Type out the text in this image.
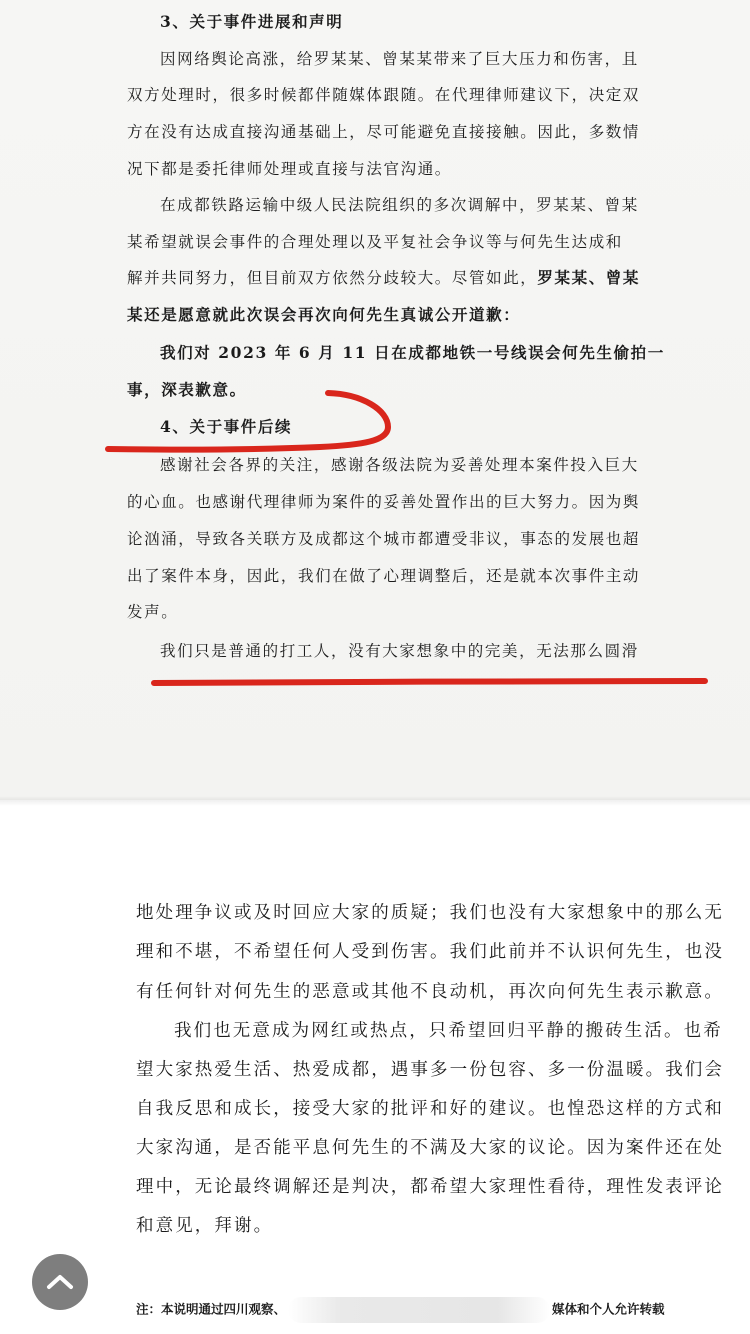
3、关于事件进展和声明
因网络舆论高涨，给罗某某、曾某某带来了巨大压力和伤害，且
双方处理时，很多时候都伴随媒体跟随。在代理律师建议下，决定双
方在没有达成直接沟通基础上，尽可能避免直接接触。因此，多数情
况下都是委托律师处理或直接与法官沟通。
在成都铁路运输中级人民法院组织的多次调解中，罗某某、曾某
某希望就误会事件的合理处理以及平复社会争议等与何先生达成和
解并共同努力，但目前双方依然分歧较大。尽管如此，罗某某、曾某
某还是愿意就此次误会再次向何先生真诚公开道歉：
我们对 2023 年 6 月 11 日在成都地铁一号线误会何先生偷拍一
事，深表歉意。
4、关于事件后续
感谢社会各界的关注，感谢各级法院为妥善处理本案件投入巨大
的心血。也感谢代理律师为案件的妥善处置作出的巨大努力。因为舆
论汹涌，导致各关联方及成都这个城市都遭受非议，事态的发展也超
出了案件本身，因此，我们在做了心理调整后，还是就本次事件主动
发声。
我们只是普通的打工人，没有大家想象中的完美，无法那么圆滑
地处理争议或及时回应大家的质疑；我们也没有大家想象中的那么无
理和不堪，不希望任何人受到伤害。我们此前并不认识何先生，也没
有任何针对何先生的恶意或其他不良动机，再次向何先生表示歉意。
我们也无意成为网红或热点，只希望回归平静的搬砖生活。也希
望大家热爱生活、热爱成都，遇事多一份包容、多一份温暖。我们会
自我反思和成长，接受大家的批评和好的建议。也惶恐这样的方式和
大家沟通，是否能平息何先生的不满及大家的议论。因为案件还在处
理中，无论最终调解还是判决，都希望大家理性看待，理性发表评论
和意见，拜谢。
注：本说明通过四川观察、	媒体和个人允许转载
